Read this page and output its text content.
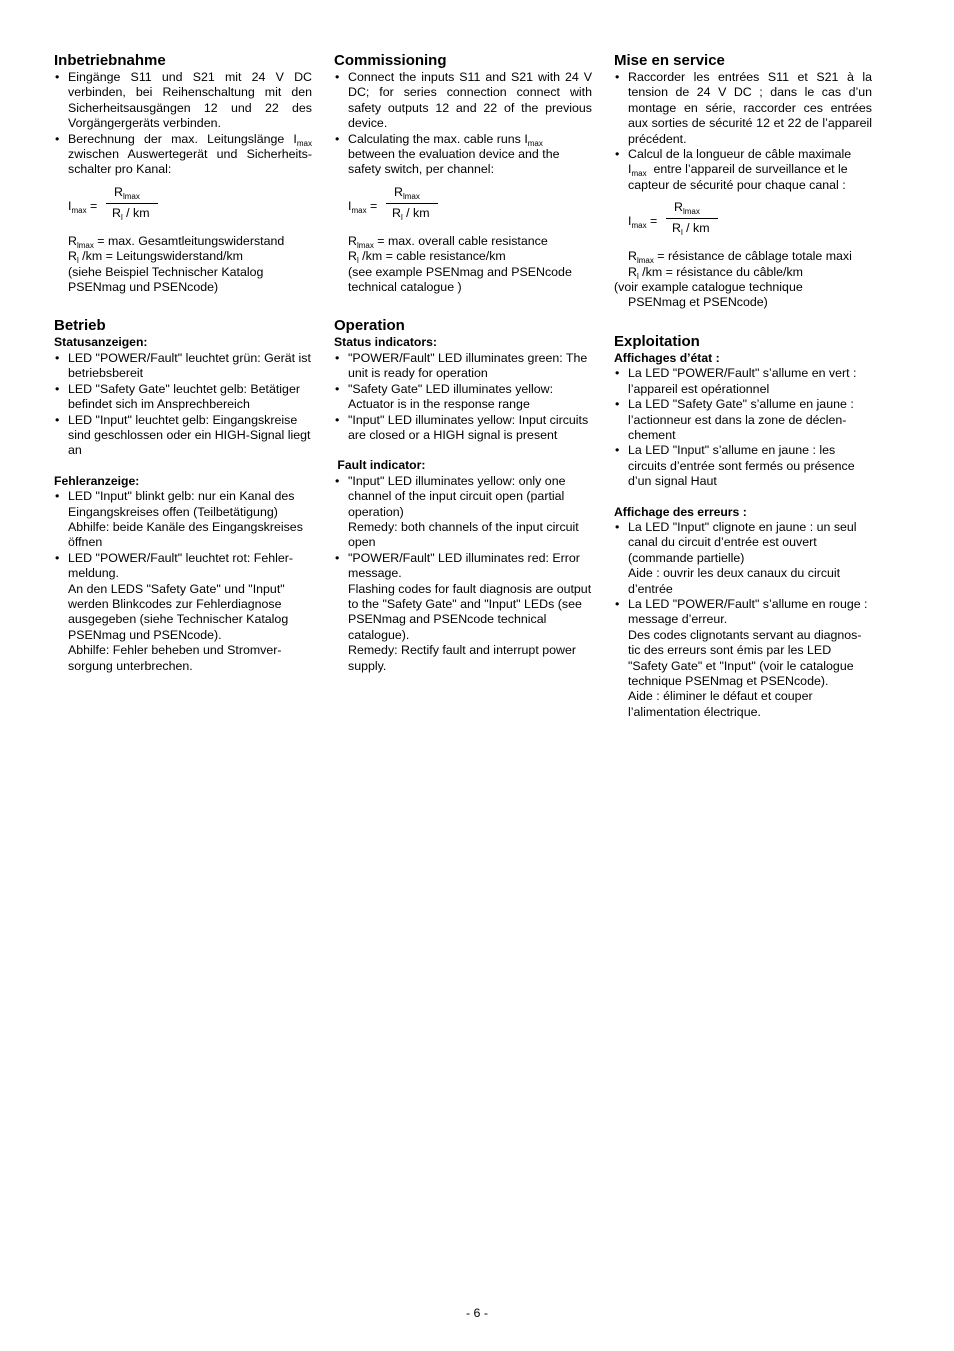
Inbetriebnahme
• Eingänge S11 und S21 mit 24 V DC verbinden, bei Reihenschaltung mit den Sicherheitsausgängen 12 und 22 des Vorgängergeräts verbinden.
• Berechnung der max. Leitungslänge $I_{max}$ zwischen Auswertegerät und Sicherheits-schalter pro Kanal:
$I_{max}$ =
$R_{lmax}$
$R_l$ / km
$R_{lmax} = \max$. Gesamtleitungswiderstand
$R_l$ /km = Leitungswiderstand/km
(siehe Beispiel Technischer Katalog PSENmag und PSENcode)
Betrieb

Statusanzeigen:

• LED "POWER/Fault" leuchtet grün: Gerät ist betriebsbereit
• LED "Safety Gate" leuchtet gelb: Betätiger befindet sich im Ansprechbereich
• LED "Input" leuchtet gelb: Eingangskreise sind geschlossen oder ein HIGH-Signal liegt an

Fehleranzeige:

• LED "Input" blinkt gelb: nur ein Kanal des Eingangskreises offen (Teilbetätigung)
Abhilfe: beide Kanäle des Eingangskreises öffnen
• LED "POWER/Fault" leuchtet rot: Fehler-meldung.
An den LEDS "Safety Gate" und "Input" werden Blinkcodes zur Fehlerdiagnose ausgegeben (siehe Technischer Katalog PSENmag und PSENcode).
Abhilfe: Fehler beheben und Stromver-sorgung unterbrechen.
Commissioning
• Connect the inputs S11 and S21 with 24 V DC; for series connection connect with safety outputs 12 and 22 of the previous device.
• Calculating the max. cable runs $I_{max}$ between the evaluation device and the safety switch, per channel:
$I_{max}$ =
$R_{lmax}$
$R_l$ / km
$R_{lmax} = \max$. overall cable resistance
$R_l$ /km = cable resistance/km
(see example PSENmag and PSENcode technical catalogue )
Operation

Status indicators:

• "POWER/Fault" LED illuminates green: The unit is ready for operation
• "Safety Gate" LED illuminates yellow: Actuator is in the response range
• "Input" LED illuminates yellow: Input circuits are closed or a HIGH signal is present

Fault indicator:

• "Input" LED illuminates yellow: only one channel of the input circuit open (partial operation)
Remedy: both channels of the input circuit open
• "POWER/Fault" LED illuminates red: Error message.
Flashing codes for fault diagnosis are output to the "Safety Gate" and "Input" LEDs (see PSENmag and PSENcode technical catalogue).
Remedy: Rectify fault and interrupt power supply.
Mise en service
• Raccorder les entrées S11 et S21 à la tension de 24 V DC ; dans le cas d’un montage en série, raccorder ces entrées aux sorties de sécurité 12 et 22 de l’appareil précédent.
• Calcul de la longueur de câble maximale $I_{max}$  entre l’appareil de surveillance et le capteur de sécurité pour chaque canal :
$I_{max}$ =
$R_{lmax}$
$R_l$ / km
$R_{lmax}$ = résistance de câblage totale maxi
$R_l$ /km = résistance du câble/km
(voir example catalogue technique
PSENmag et PSENcode)
Exploitation

Affichages d’état :

• La LED "POWER/Fault" s’allume en vert : l’appareil est opérationnel
• La LED "Safety Gate" s’allume en jaune : l’actionneur est dans la zone de déclen-chement
• La LED "Input" s’allume en jaune : les circuits d’entrée sont fermés ou présence d’un signal Haut

Affichage des erreurs :

• La LED "Input" clignote en jaune : un seul canal du circuit d’entrée est ouvert (commande partielle)
Aide : ouvrir les deux canaux du circuit d’entrée
• La LED "POWER/Fault" s’allume en rouge : message d’erreur.
Des codes clignotants servant au diagnos-tic des erreurs sont émis par les LED "Safety Gate" et "Input" (voir le catalogue technique PSENmag et PSENcode).
Aide : éliminer le défaut et couper l’alimentation électrique.
- 6 -
